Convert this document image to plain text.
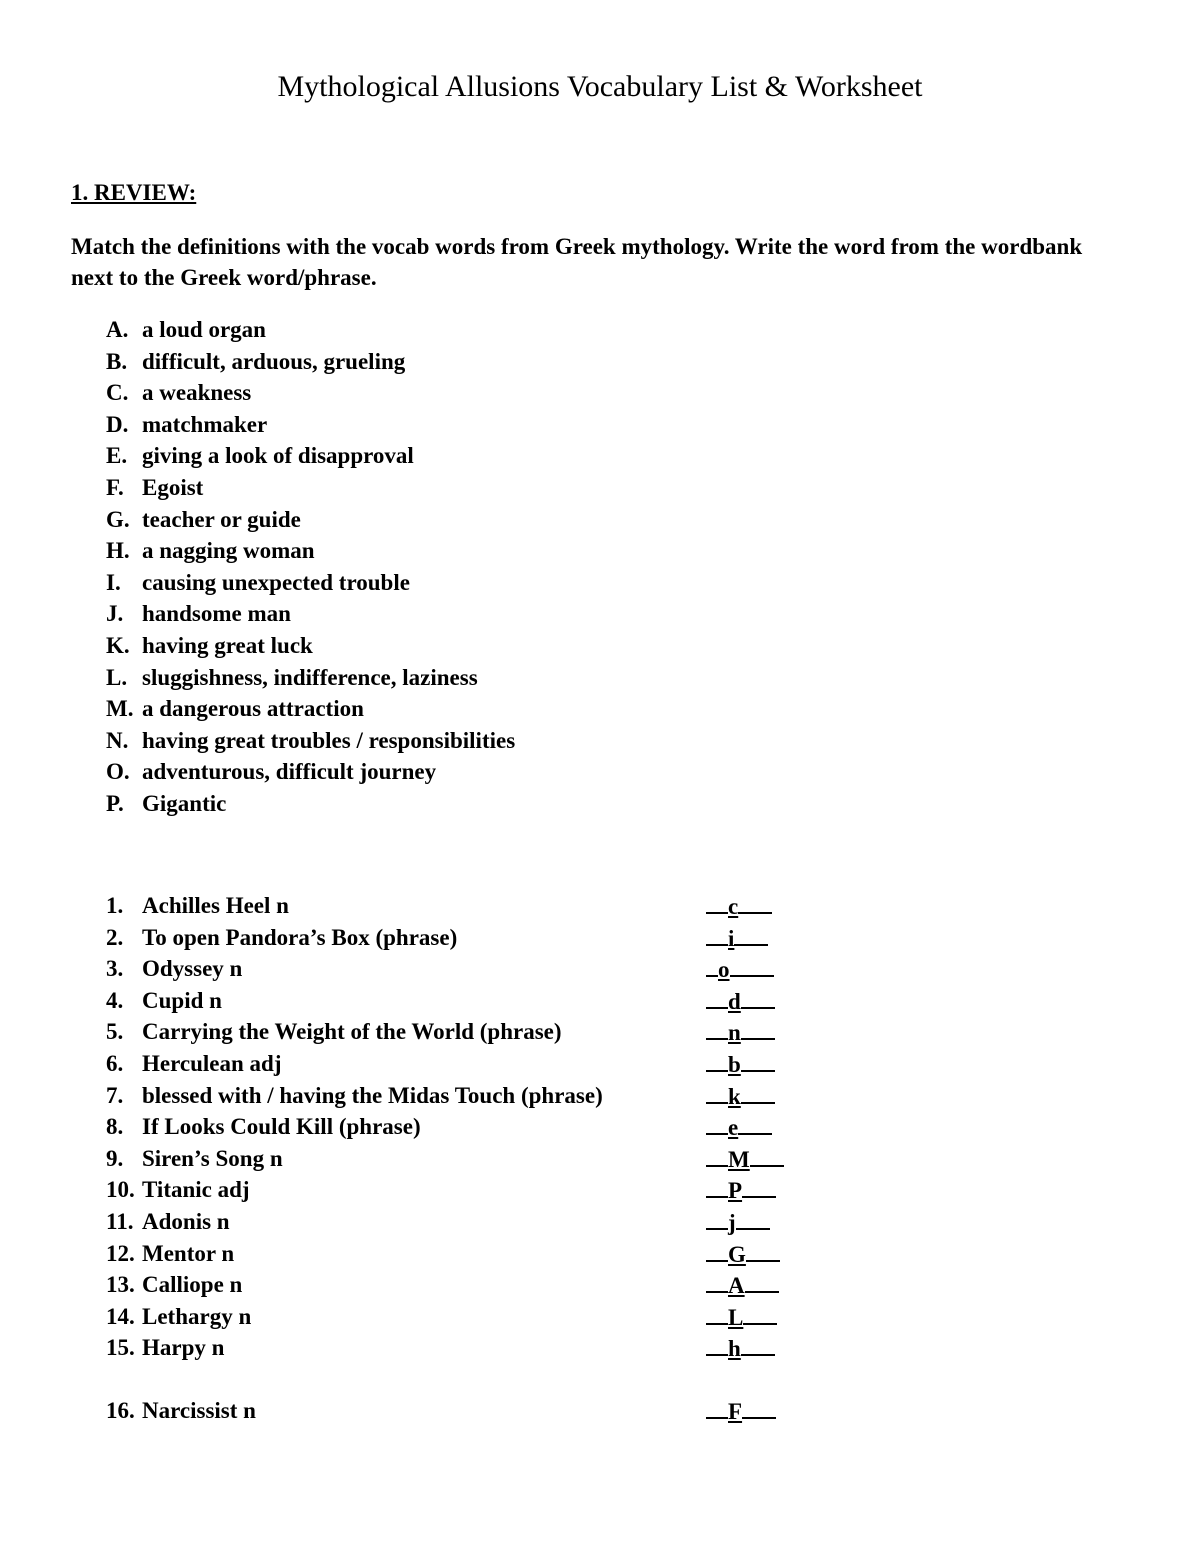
Mythological Allusions Vocabulary List & Worksheet
1. REVIEW:

Match the definitions with the vocab words from Greek mythology. Write the word from the wordbank next to the Greek word/phrase.

A. a loud organ
B. difficult, arduous, grueling
C. a weakness
D. matchmaker
E. giving a look of disapproval
F. Egoist
G. teacher or guide
H. a nagging woman
I. causing unexpected trouble
J. handsome man
K. having great luck
L. sluggishness, indifference, laziness
M. a dangerous attraction
N. having great troubles / responsibilities
O. adventurous, difficult journey
P. Gigantic
1. Achilles Heel n	c
2. To open Pandora’s Box (phrase)	i
3. Odyssey n	o
4. Cupid n	d
5. Carrying the Weight of the World (phrase)	n
6. Herculean adj	b
7. blessed with / having the Midas Touch (phrase)	k
8. If Looks Could Kill (phrase)	e
9. Siren’s Song n	M
10. Titanic adj	P
11. Adonis n	j
12. Mentor n	G
13. Calliope n	A
14. Lethargy n	L
15. Harpy n	h
16. Narcissist n	F
